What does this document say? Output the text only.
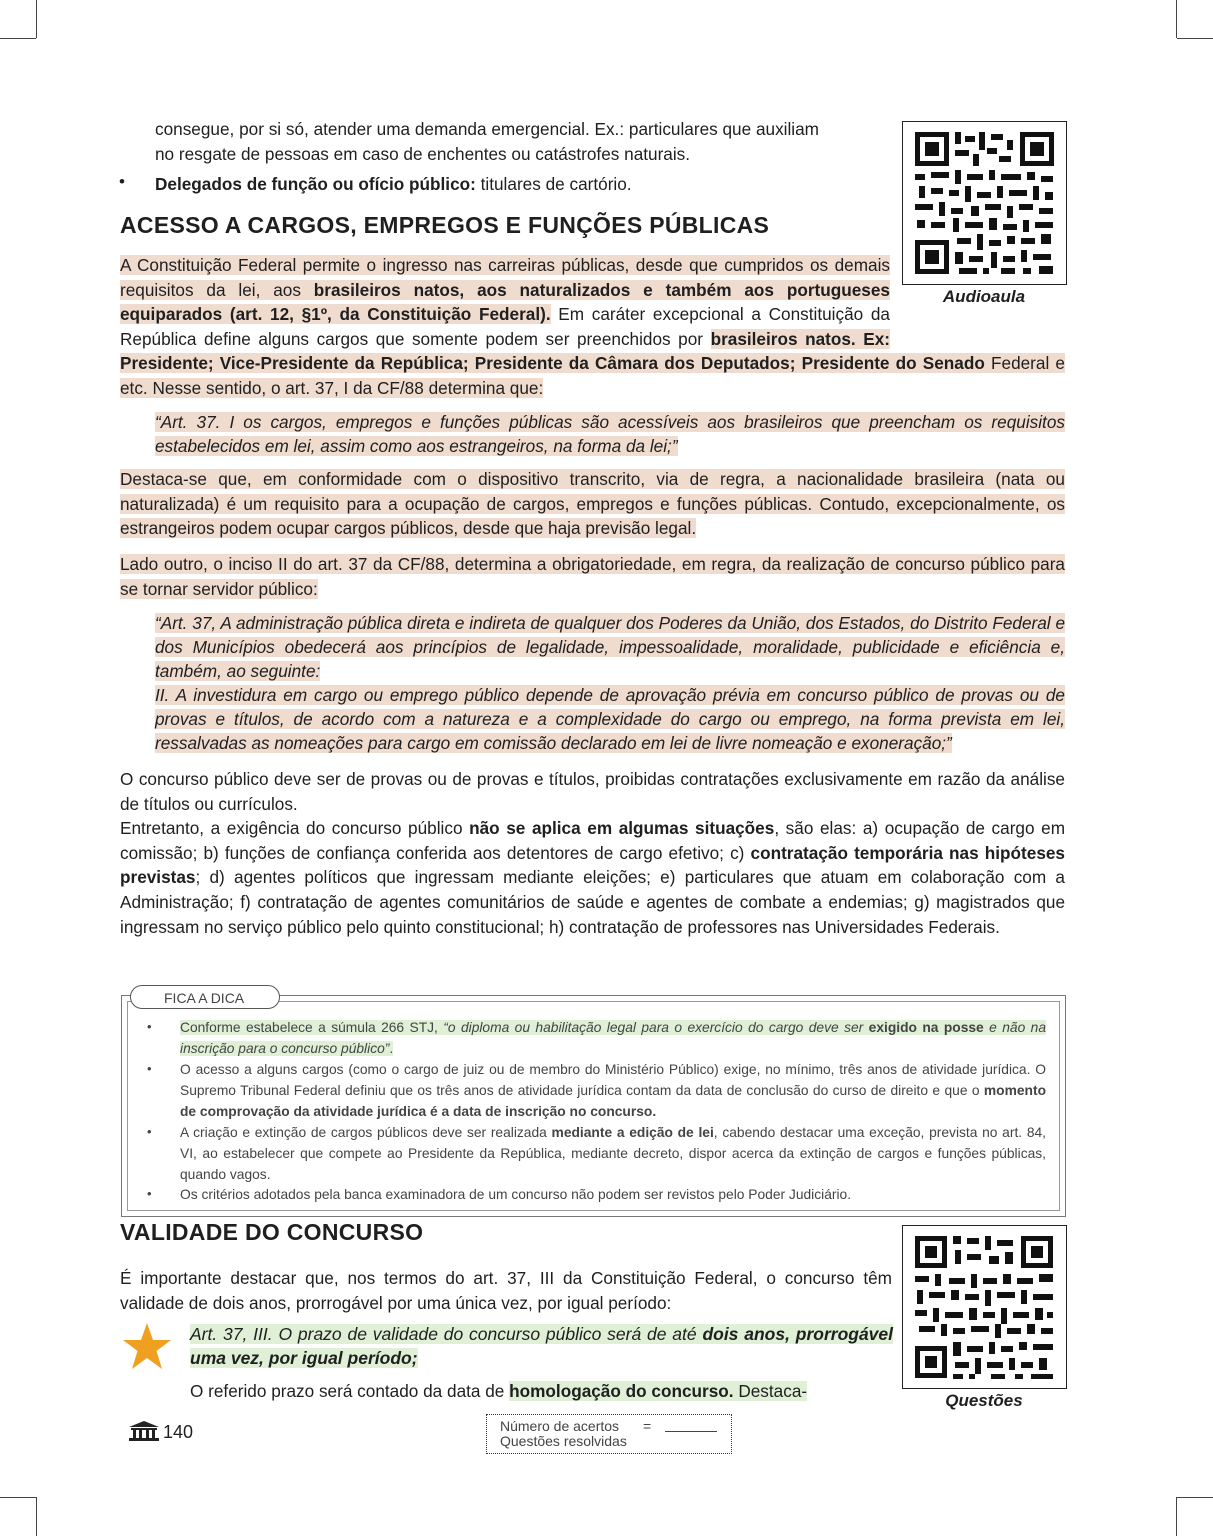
consegue, por si só, atender uma demanda emergencial. Ex.: particulares que auxiliam
no resgate de pessoas em caso de enchentes ou catástrofes naturais.

• Delegados de função ou ofício público: titulares de cartório.

Audioaula
ACESSO A CARGOS, EMPREGOS E FUNÇÕES PÚBLICAS

A Constituição Federal permite o ingresso nas carreiras públicas, desde que cumpridos os demais requisitos da lei, aos brasileiros natos, aos naturalizados e também aos portugueses equiparados (art. 12, §1º, da Constituição Federal). Em caráter excepcional a Constituição da República define alguns cargos que somente podem ser preenchidos por brasileiros natos. Ex: Presidente; Vice-Presidente da República; Presidente da Câmara dos Deputados; Presidente do Senado Federal e etc. Nesse sentido, o art. 37, I da CF/88 determina que:

“Art. 37. I os cargos, empregos e funções públicas são acessíveis aos brasileiros que preencham os requisitos estabelecidos em lei, assim como aos estrangeiros, na forma da lei;”

Destaca-se que, em conformidade com o dispositivo transcrito, via de regra, a nacionalidade brasileira (nata ou naturalizada) é um requisito para a ocupação de cargos, empregos e funções públicas. Contudo, excepcionalmente, os estrangeiros podem ocupar cargos públicos, desde que haja previsão legal.

Lado outro, o inciso II do art. 37 da CF/88, determina a obrigatoriedade, em regra, da realização de concurso público para se tornar servidor público:

“Art. 37, A administração pública direta e indireta de qualquer dos Poderes da União, dos Estados, do Distrito Federal e dos Municípios obedecerá aos princípios de legalidade, impessoalidade, moralidade, publicidade e eficiência e, também, ao seguinte:
II. A investidura em cargo ou emprego público depende de aprovação prévia em concurso público de provas ou de provas e títulos, de acordo com a natureza e a complexidade do cargo ou emprego, na forma prevista em lei, ressalvadas as nomeações para cargo em comissão declarado em lei de livre nomeação e exoneração;”

O concurso público deve ser de provas ou de provas e títulos, proibidas contratações exclusivamente em razão da análise de títulos ou currículos.

Entretanto, a exigência do concurso público não se aplica em algumas situações, são elas: a) ocupação de cargo em comissão; b) funções de confiança conferida aos detentores de cargo efetivo; c) contratação temporária nas hipóteses previstas; d) agentes políticos que ingressam mediante eleições; e) particulares que atuam em colaboração com a Administração; f) contratação de agentes comunitários de saúde e agentes de combate a endemias; g) magistrados que ingressam no serviço público pelo quinto constitucional; h) contratação de professores nas Universidades Federais.

FICA A DICA
• Conforme estabelece a súmula 266 STJ, “o diploma ou habilitação legal para o exercício do cargo deve ser exigido na posse e não na inscrição para o concurso público”.
• O acesso a alguns cargos (como o cargo de juiz ou de membro do Ministério Público) exige, no mínimo, três anos de atividade jurídica. O Supremo Tribunal Federal definiu que os três anos de atividade jurídica contam da data de conclusão do curso de direito e que o momento de comprovação da atividade jurídica é a data de inscrição no concurso.
• A criação e extinção de cargos públicos deve ser realizada mediante a edição de lei, cabendo destacar uma exceção, prevista no art. 84, VI, ao estabelecer que compete ao Presidente da República, mediante decreto, dispor acerca da extinção de cargos e funções públicas, quando vagos.
• Os critérios adotados pela banca examinadora de um concurso não podem ser revistos pelo Poder Judiciário.
VALIDADE DO CONCURSO

É importante destacar que, nos termos do art. 37, III da Constituição Federal, o concurso têm validade de dois anos, prorrogável por uma única vez, por igual período:

Art. 37, III. O prazo de validade do concurso público será de até dois anos, prorrogável uma vez, por igual período;

O referido prazo será contado da data de homologação do concurso. Destaca-	Questões
140	Número de acertos =
Questões resolvidas
